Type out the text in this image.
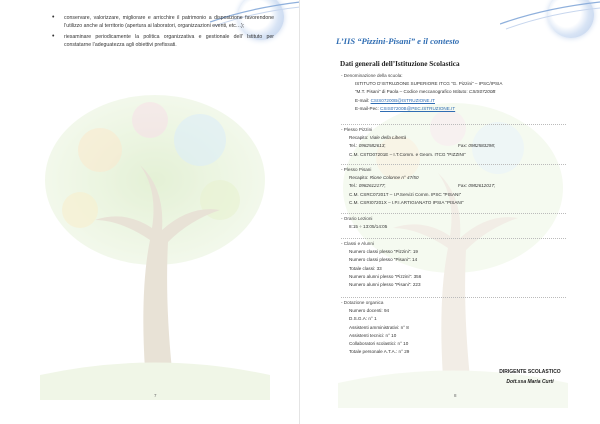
• conservare, valorizzare, migliorare e arricchire il patrimonio a disposizione favorendone l’utilizzo anche al territorio (apertura ai laboratori, organizzazioni eventi, etc…);
• riesaminare periodicamente la politica organizzativa e gestionale dell’ Istituto per constatarne l’adeguatezza agli obiettivi prefissati.
7
L’IIS “Pizzini-Pisani” e il contesto
Dati generali dell’Istituzione Scolastica
- Denominazione della scuola:
ISTITUTO D’ISTRUZIONE SUPERIORE ITCG “G. Pizzini” – IPSC/IPSIA
“M.T. Pisani” di Paola – Codice meccanografico Istituto: CSIS07200B
E-mail: CSIS07200B@ISTRUZIONE.IT
E-mail-Pec: CSIS07200B@PEC.ISTRUZIONE.IT
- Plesso Pizzini
Recapito: Viale della Libertà
Tel.: 0982582613;	Fax: 0982583298;
C.M. CSTD07201E – I.T.Comm. e Geom. ITCG “PIZZINI”
- Plesso Pisani
Recapito: Rione Colonne n° 47/50
Tel.: 0982612177;	Fax: 0982612017;
C.M. CSRC07201T – I.P.Servizi Comm. IPSC “PISANI”
C.M. CSRI07201X – I.P.I.ARTIGIANATO IPSIA “PISANI”
- Orario Lezioni
8:15 ÷ 13:05/14:05
- Classi e Alunni
Numero classi plesso “Pizzini”: 19
Numero classi plesso “Pisani”: 14
Totale classi: 33
Numero alunni plesso “Pizzini”: 356
Numero alunni plesso “Pisani”: 223
- Dotazione organica
Numero docenti: 94
D.S.G.A: n° 1
Assistenti amministrativi: n° 8
Assistenti tecnici: n° 10
Collaboratori scolastici: n° 10
Totale personale A.T.A.: n° 29
DIRIGENTE SCOLASTICO
Dott.ssa Maria Curti
8
